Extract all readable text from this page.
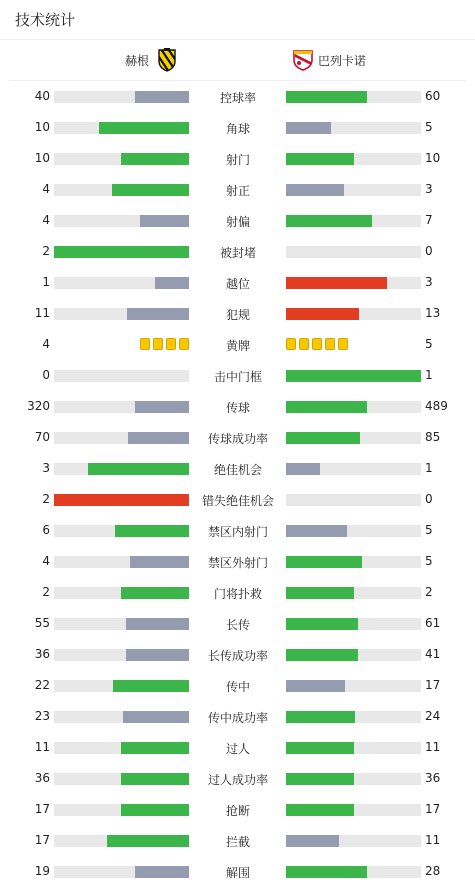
技术统计
赫根	巴列卡诺
40	控球率	60
10	角球	5
10	射门	10
4	射正	3
4	射偏	7
2	被封堵	0
1	越位	3
11	犯规	13
4	黄牌	5
0	击中门框	1
320	传球	489
70	传球成功率	85
3	绝佳机会	1
2	错失绝佳机会	0
6	禁区内射门	5
4	禁区外射门	5
2	门将扑救	2
55	长传	61
36	长传成功率	41
22	传中	17
23	传中成功率	24
11	过人	11
36	过人成功率	36
17	抢断	17
17	拦截	11
19	解围	28
